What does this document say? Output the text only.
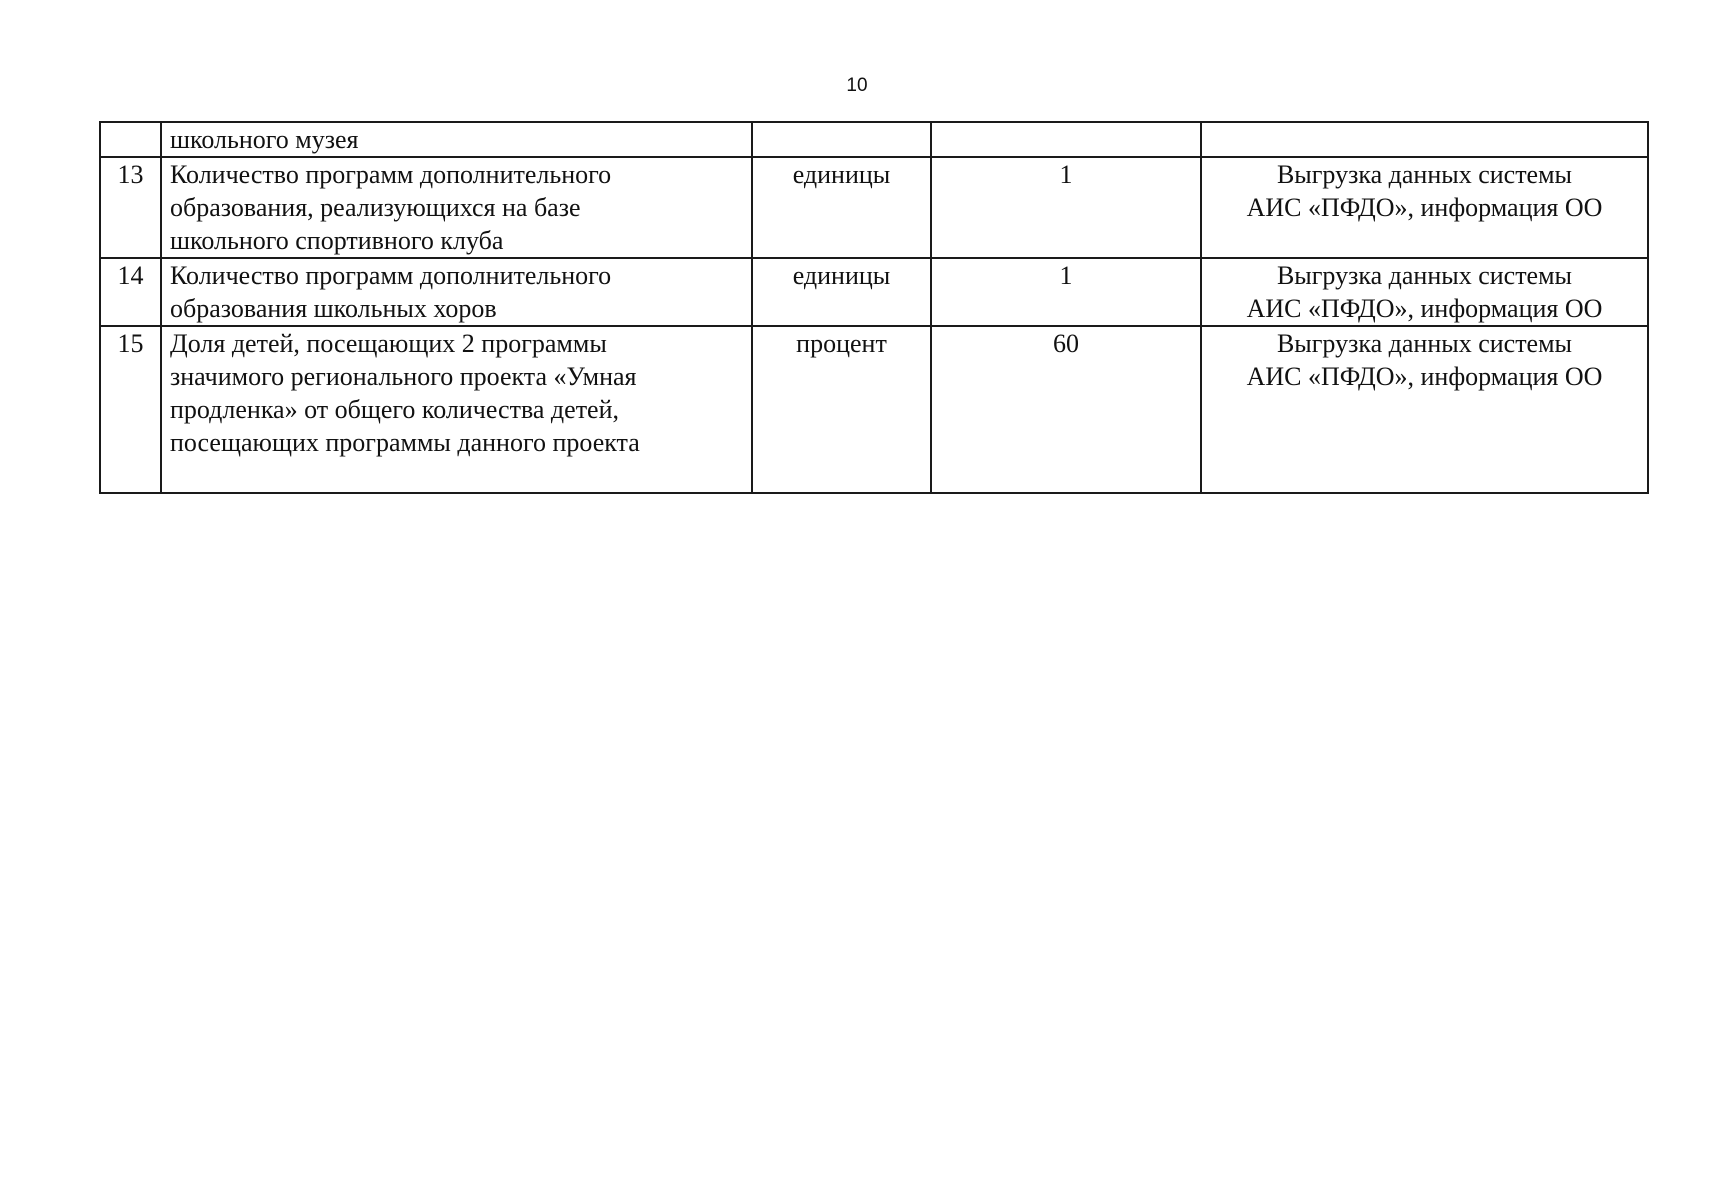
10

	школьного музея			

13	Количество программ дополнительного
образования, реализующихся на базе
школьного спортивного клуба	единицы	1	Выгрузка данных системы
АИС «ПФДО», информация ОО

14	Количество программ дополнительного
образования школьных хоров	единицы	1	Выгрузка данных системы
АИС «ПФДО», информация ОО

15	Доля детей, посещающих 2 программы
значимого регионального проекта «Умная
продленка» от общего количества детей,
посещающих программы данного проекта	процент	60	Выгрузка данных системы
АИС «ПФДО», информация ОО
